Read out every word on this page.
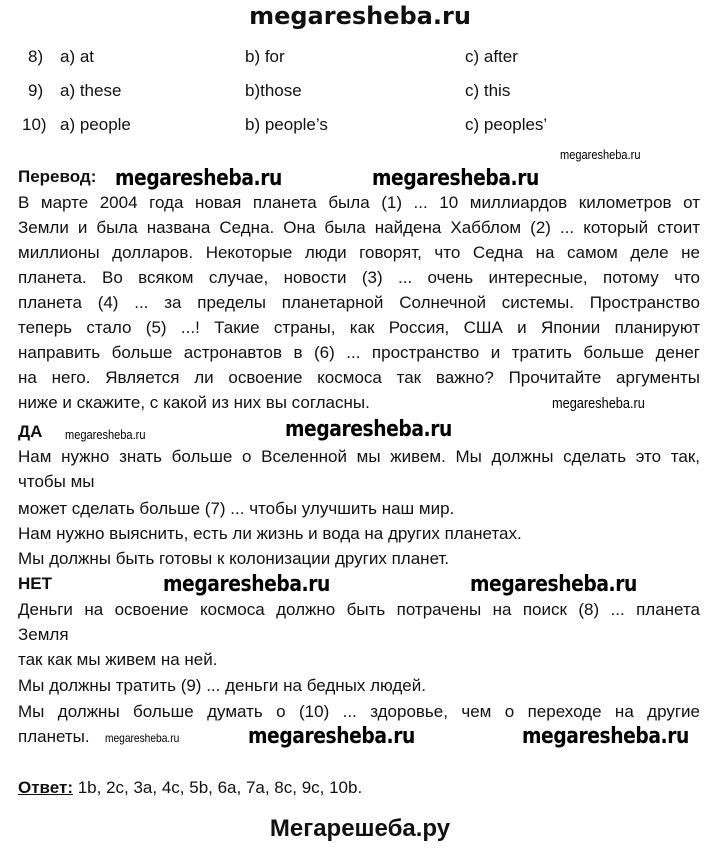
megaresheba.ru
8) a) at	b) for	c) after
9) a) these	b)those	c) this
10) a) people	b) people’s	c) peoples’
Перевод:
В марте 2004 года новая планета была (1) ... 10 миллиардов километров от
Земли и была названа Седна. Она была найдена Хабблом (2) ... который стоит
миллионы долларов. Некоторые люди говорят, что Седна на самом деле не
планета. Во всяком случае, новости (3) ... очень интересные, потому что
планета (4) ... за пределы планетарной Солнечной системы. Пространство
теперь стало (5) ...! Такие страны, как Россия, США и Японии планируют
направить больше астронавтов в (6) ... пространство и тратить больше денег
на него. Является ли освоение космоса так важно? Прочитайте аргументы
ниже и скажите, с какой из них вы согласны.
ДА
Нам нужно знать больше о Вселенной мы живем. Мы должны сделать это так,
чтобы мы
может сделать больше (7) ... чтобы улучшить наш мир.
Нам нужно выяснить, есть ли жизнь и вода на других планетах.
Мы должны быть готовы к колонизации других планет.
НЕТ
Деньги на освоение космоса должно быть потрачены на поиск (8) ... планета
Земля
так как мы живем на ней.
Мы должны тратить (9) ... деньги на бедных людей.
Мы должны больше думать о (10) ... здоровье, чем о переходе на другие
планеты.
Ответ: 1b, 2c, 3a, 4c, 5b, 6a, 7a, 8c, 9c, 10b.
megaresheba.ru	megaresheba.ru
megaresheba.ru
megaresheba.ru	megaresheba.ru
megaresheba.ru	megaresheba.ru
megaresheba.ru
megaresheba.ru
megaresheba.ru
megaresheba.ru
Мегарешеба.ру
